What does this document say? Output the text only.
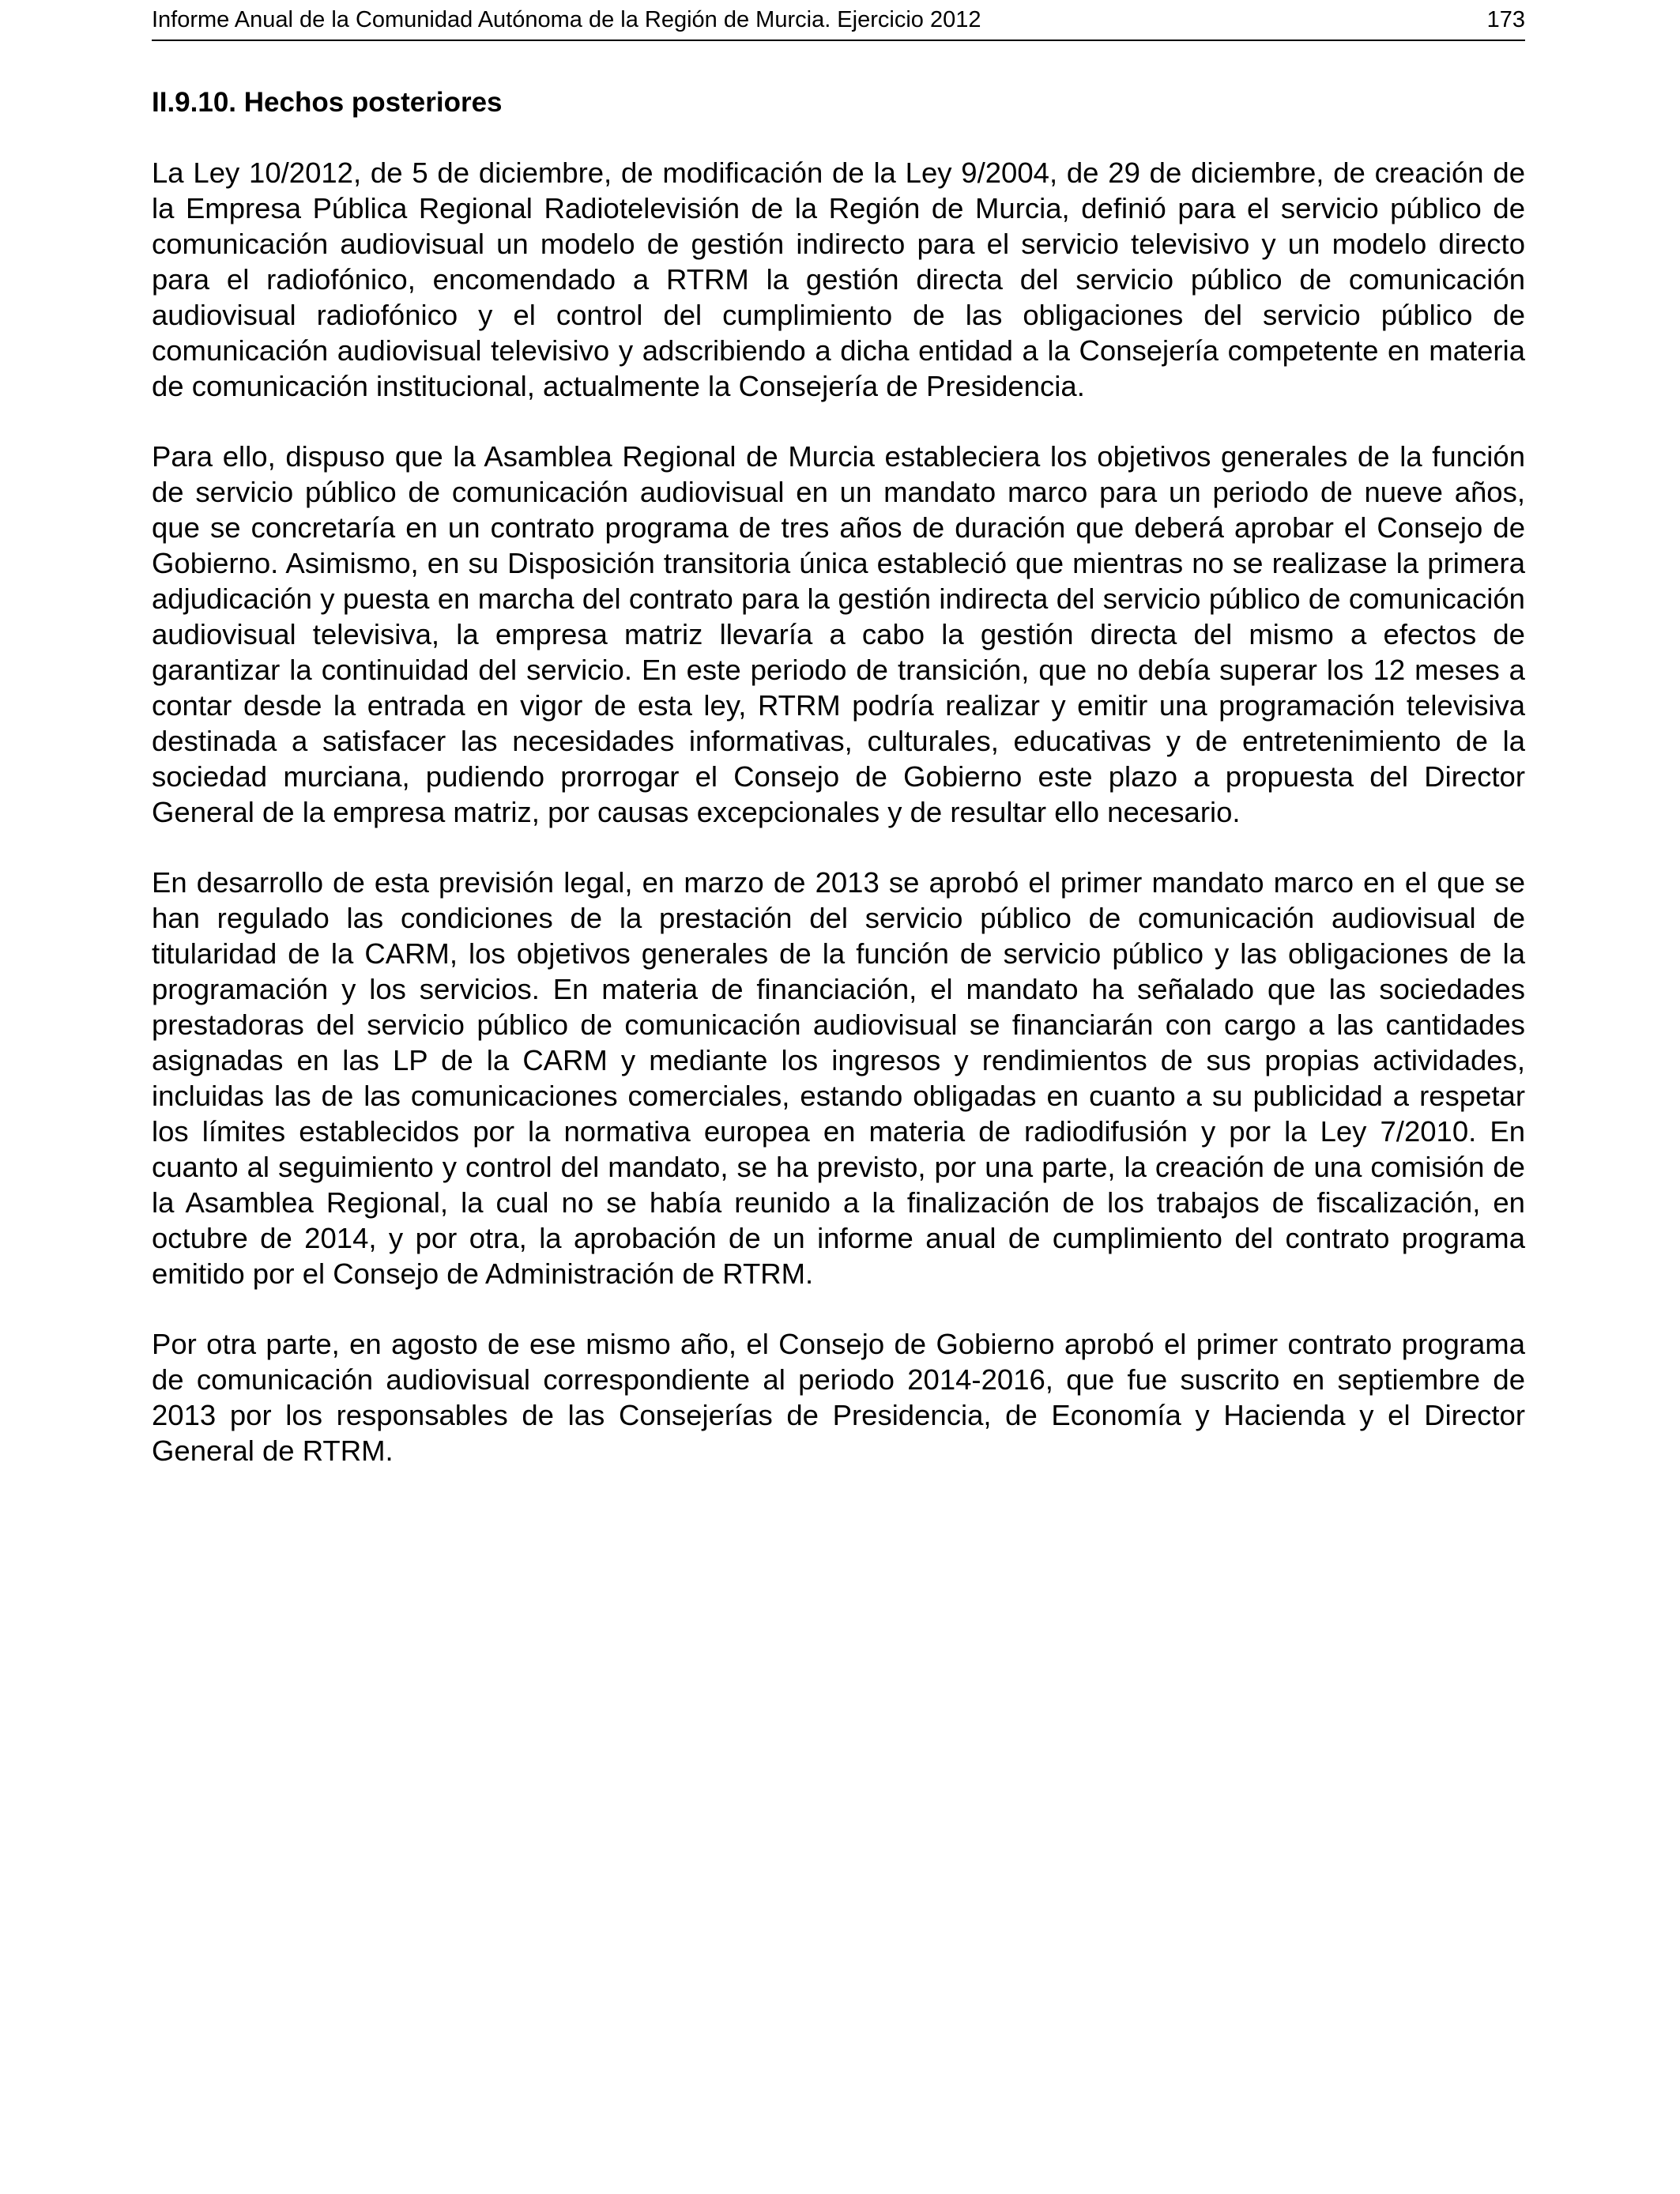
Informe Anual de la Comunidad Autónoma de la Región de Murcia. Ejercicio 2012	173
II.9.10. Hechos posteriores

La Ley 10/2012, de 5 de diciembre, de modificación de la Ley 9/2004, de 29 de diciembre, de creación de la Empresa Pública Regional Radiotelevisión de la Región de Murcia, definió para el servicio público de comunicación audiovisual un modelo de gestión indirecto para el servicio televisivo y un modelo directo para el radiofónico, encomendado a RTRM la gestión directa del servicio público de comunicación audiovisual radiofónico y el control del cumplimiento de las obligaciones del servicio público de comunicación audiovisual televisivo y adscribiendo a dicha entidad a la Consejería competente en materia de comunicación institucional, actualmente la Consejería de Presidencia.

Para ello, dispuso que la Asamblea Regional de Murcia estableciera los objetivos generales de la función de servicio público de comunicación audiovisual en un mandato marco para un periodo de nueve años, que se concretaría en un contrato programa de tres años de duración que deberá aprobar el Consejo de Gobierno. Asimismo, en su Disposición transitoria única estableció que mientras no se realizase la primera adjudicación y puesta en marcha del contrato para la gestión indirecta del servicio público de comunicación audiovisual televisiva, la empresa matriz llevaría a cabo la gestión directa del mismo a efectos de garantizar la continuidad del servicio. En este periodo de transición, que no debía superar los 12 meses a contar desde la entrada en vigor de esta ley, RTRM podría realizar y emitir una programación televisiva destinada a satisfacer las necesidades informativas, culturales, educativas y de entretenimiento de la sociedad murciana, pudiendo prorrogar el Consejo de Gobierno este plazo a propuesta del Director General de la empresa matriz, por causas excepcionales y de resultar ello necesario.

En desarrollo de esta previsión legal, en marzo de 2013 se aprobó el primer mandato marco en el que se han regulado las condiciones de la prestación del servicio público de comunicación audiovisual de titularidad de la CARM, los objetivos generales de la función de servicio público y las obligaciones de la programación y los servicios. En materia de financiación, el mandato ha señalado que las sociedades prestadoras del servicio público de comunicación audiovisual se financiarán con cargo a las cantidades asignadas en las LP de la CARM y mediante los ingresos y rendimientos de sus propias actividades, incluidas las de las comunicaciones comerciales, estando obligadas en cuanto a su publicidad a respetar los límites establecidos por la normativa europea en materia de radiodifusión y por la Ley 7/2010. En cuanto al seguimiento y control del mandato, se ha previsto, por una parte, la creación de una comisión de la Asamblea Regional, la cual no se había reunido a la finalización de los trabajos de fiscalización, en octubre de 2014, y por otra, la aprobación de un informe anual de cumplimiento del contrato programa emitido por el Consejo de Administración de RTRM.

Por otra parte, en agosto de ese mismo año, el Consejo de Gobierno aprobó el primer contrato programa de comunicación audiovisual correspondiente al periodo 2014-2016, que fue suscrito en septiembre de 2013 por los responsables de las Consejerías de Presidencia, de Economía y Hacienda y el Director General de RTRM.
